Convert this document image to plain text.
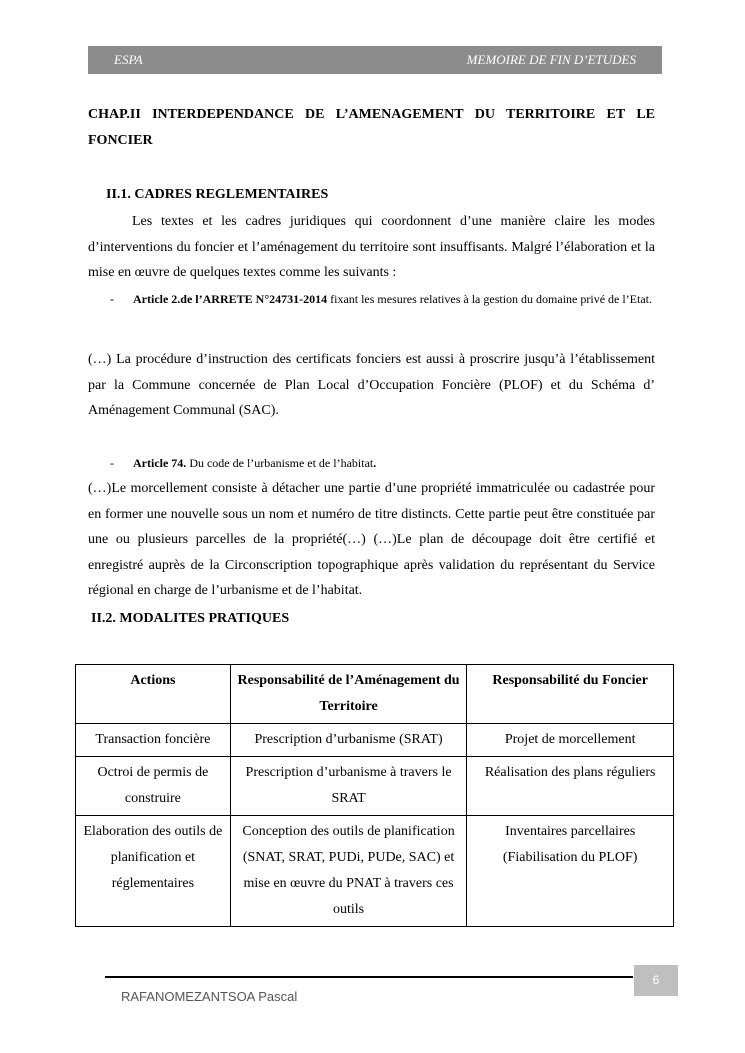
ESPA	MEMOIRE DE FIN D’ETUDES
CHAP.II INTERDEPENDANCE DE L’AMENAGEMENT DU TERRITOIRE ET LE FONCIER
II.1. CADRES REGLEMENTAIRES
Les textes et les cadres juridiques qui coordonnent d’une manière claire les modes d’interventions du foncier et l’aménagement du territoire sont insuffisants. Malgré l’élaboration et la mise en œuvre de quelques textes comme les suivants :
- Article 2.de l’ARRETE N°24731-2014 fixant les mesures relatives à la gestion du domaine privé de l’Etat.
(…) La procédure d’instruction des certificats fonciers est aussi à proscrire jusqu’à l’établissement par la Commune concernée de Plan Local d’Occupation Foncière (PLOF) et du Schéma d’ Aménagement Communal (SAC).
- Article 74. Du code de l’urbanisme et de l’habitat.
(…)Le morcellement consiste à détacher une partie d’une propriété immatriculée ou cadastrée pour en former une nouvelle sous un nom et numéro de titre distincts. Cette partie peut être constituée par une ou plusieurs parcelles de la propriété(…) (…)Le plan de découpage doit être certifié et enregistré auprès de la Circonscription topographique après validation du représentant du Service régional en charge de l’urbanisme et de l’habitat.
II.2. MODALITES PRATIQUES
Actions	Responsabilité de l’Aménagement du Territoire	Responsabilité du Foncier
Transaction foncière	Prescription d’urbanisme (SRAT)	Projet de morcellement
Octroi de permis de construire	Prescription d’urbanisme à travers le SRAT	Réalisation des plans réguliers
Elaboration des outils de planification et réglementaires	Conception des outils de planification (SNAT, SRAT, PUDi, PUDe, SAC) et mise en œuvre du PNAT à travers ces outils	Inventaires parcellaires (Fiabilisation du PLOF)
6
RAFANOMEZANTSOA Pascal
